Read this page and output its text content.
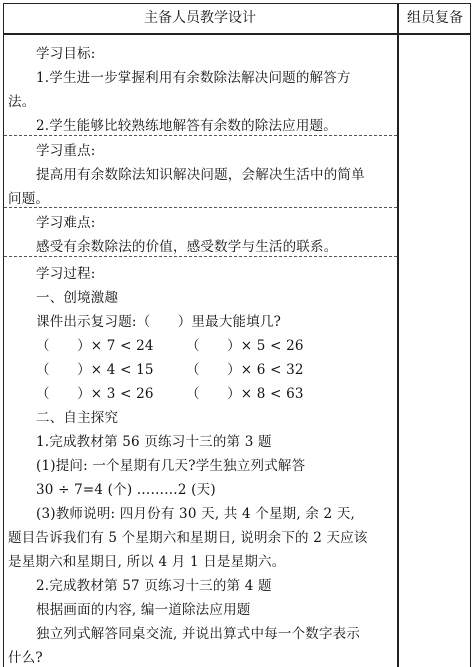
主备人员教学设计	组员复备
学习目标:
1.学生进一步掌握利用有余数除法解决问题的解答方
法。
2.学生能够比较熟练地解答有余数的除法应用题。
学习重点:
提高用有余数除法知识解决问题，会解决生活中的简单
问题。
学习难点:
感受有余数除法的价值，感受数学与生活的联系。
学习过程:
一、创境激趣
课件出示复习题:（　　）里最大能填几?
（　　）× 7 < 24 （　　）× 5 < 26
（　　）× 4 < 15 （　　）× 6 < 32
（　　）× 3 < 26 （　　）× 8 < 63
二、自主探究
1.完成教材第 56 页练习十三的第 3 题
(1)提问: 一个星期有几天?学生独立列式解答
30 ÷ 7=4 (个) ………2 (天)
(3)教师说明: 四月份有 30 天, 共 4 个星期, 余 2 天,
题目告诉我们有 5 个星期六和星期日, 说明余下的 2 天应该
是星期六和星期日, 所以 4 月 1 日是星期六。
2.完成教材第 57 页练习十三的第 4 题
根据画面的内容, 编一道除法应用题
独立列式解答同桌交流, 并说出算式中每一个数字表示
什么?
